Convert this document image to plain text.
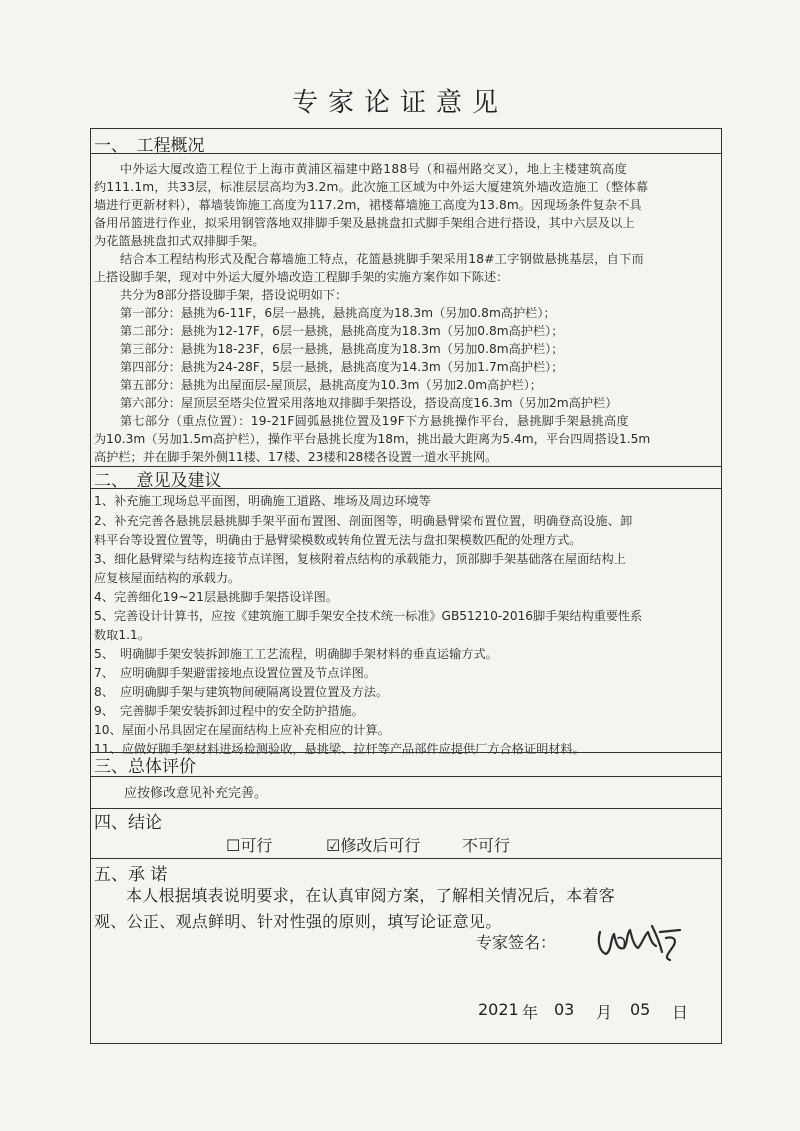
专家论证意见
一、　工程概况
中外运大厦改造工程位于上海市黄浦区福建中路188号（和福州路交叉），地上主楼建筑高度
约111.1m，共33层，标准层层高均为3.2m。此次施工区域为中外运大厦建筑外墙改造施工（整体幕
墙进行更新材料），幕墙装饰施工高度为117.2m，裙楼幕墙施工高度为13.8m。因现场条件复杂不具
备用吊篮进行作业，拟采用钢管落地双排脚手架及悬挑盘扣式脚手架组合进行搭设，其中六层及以上
为花篮悬挑盘扣式双排脚手架。
结合本工程结构形式及配合幕墙施工特点，花篮悬挑脚手架采用18#工字钢做悬挑基层，自下而
上搭设脚手架，现对中外运大厦外墙改造工程脚手架的实施方案作如下陈述：
共分为8部分搭设脚手架，搭设说明如下：
第一部分：悬挑为6-11F，6层一悬挑，悬挑高度为18.3m（另加0.8m高护栏）；
第二部分：悬挑为12-17F，6层一悬挑，悬挑高度为18.3m（另加0.8m高护栏）；
第三部分：悬挑为18-23F，6层一悬挑，悬挑高度为18.3m（另加0.8m高护栏）；
第四部分：悬挑为24-28F，5层一悬挑，悬挑高度为14.3m（另加1.7m高护栏）；
第五部分：悬挑为出屋面层-屋顶层，悬挑高度为10.3m（另加2.0m高护栏）；
第六部分：屋顶层至塔尖位置采用落地双排脚手架搭设，搭设高度16.3m（另加2m高护栏）
第七部分（重点位置）：19-21F圆弧悬挑位置及19F下方悬挑操作平台，悬挑脚手架悬挑高度
为10.3m（另加1.5m高护栏），操作平台悬挑长度为18m，挑出最大距离为5.4m，平台四周搭设1.5m
高护栏；并在脚手架外侧11楼、17楼、23楼和28楼各设置一道水平挑网。
二、　意见及建议
1、补充施工现场总平面图，明确施工道路、堆场及周边环境等
2、补充完善各悬挑层悬挑脚手架平面布置图、剖面图等，明确悬臂梁布置位置，明确登高设施、卸
料平台等设置位置等，明确由于悬臂梁模数或转角位置无法与盘扣架模数匹配的处理方式。
3、细化悬臂梁与结构连接节点详图，复核附着点结构的承载能力，顶部脚手架基础落在屋面结构上
应复核屋面结构的承载力。
4、完善细化19~21层悬挑脚手架搭设详图。
5、完善设计计算书，应按《建筑施工脚手架安全技术统一标准》GB51210-2016脚手架结构重要性系
数取1.1。
5、　明确脚手架安装拆卸施工工艺流程，明确脚手架材料的垂直运输方式。
7、　应明确脚手架避雷接地点设置位置及节点详图。
8、　应明确脚手架与建筑物间硬隔离设置位置及方法。
9、　完善脚手架安装拆卸过程中的安全防护措施。
10、屋面小吊具固定在屋面结构上应补充相应的计算。
11、应做好脚手架材料进场检测验收，悬挑梁、拉杆等产品部件应提供厂方合格证明材料。
三、总体评价
应按修改意见补充完善。
四、结论
☐可行	☑修改后可行	不可行
五、承 诺
本人根据填表说明要求，在认真审阅方案，了解相关情况后，本着客
观、公正、观点鲜明、针对性强的原则，填写论证意见。
专家签名：
2021 年 03 月 05 日
